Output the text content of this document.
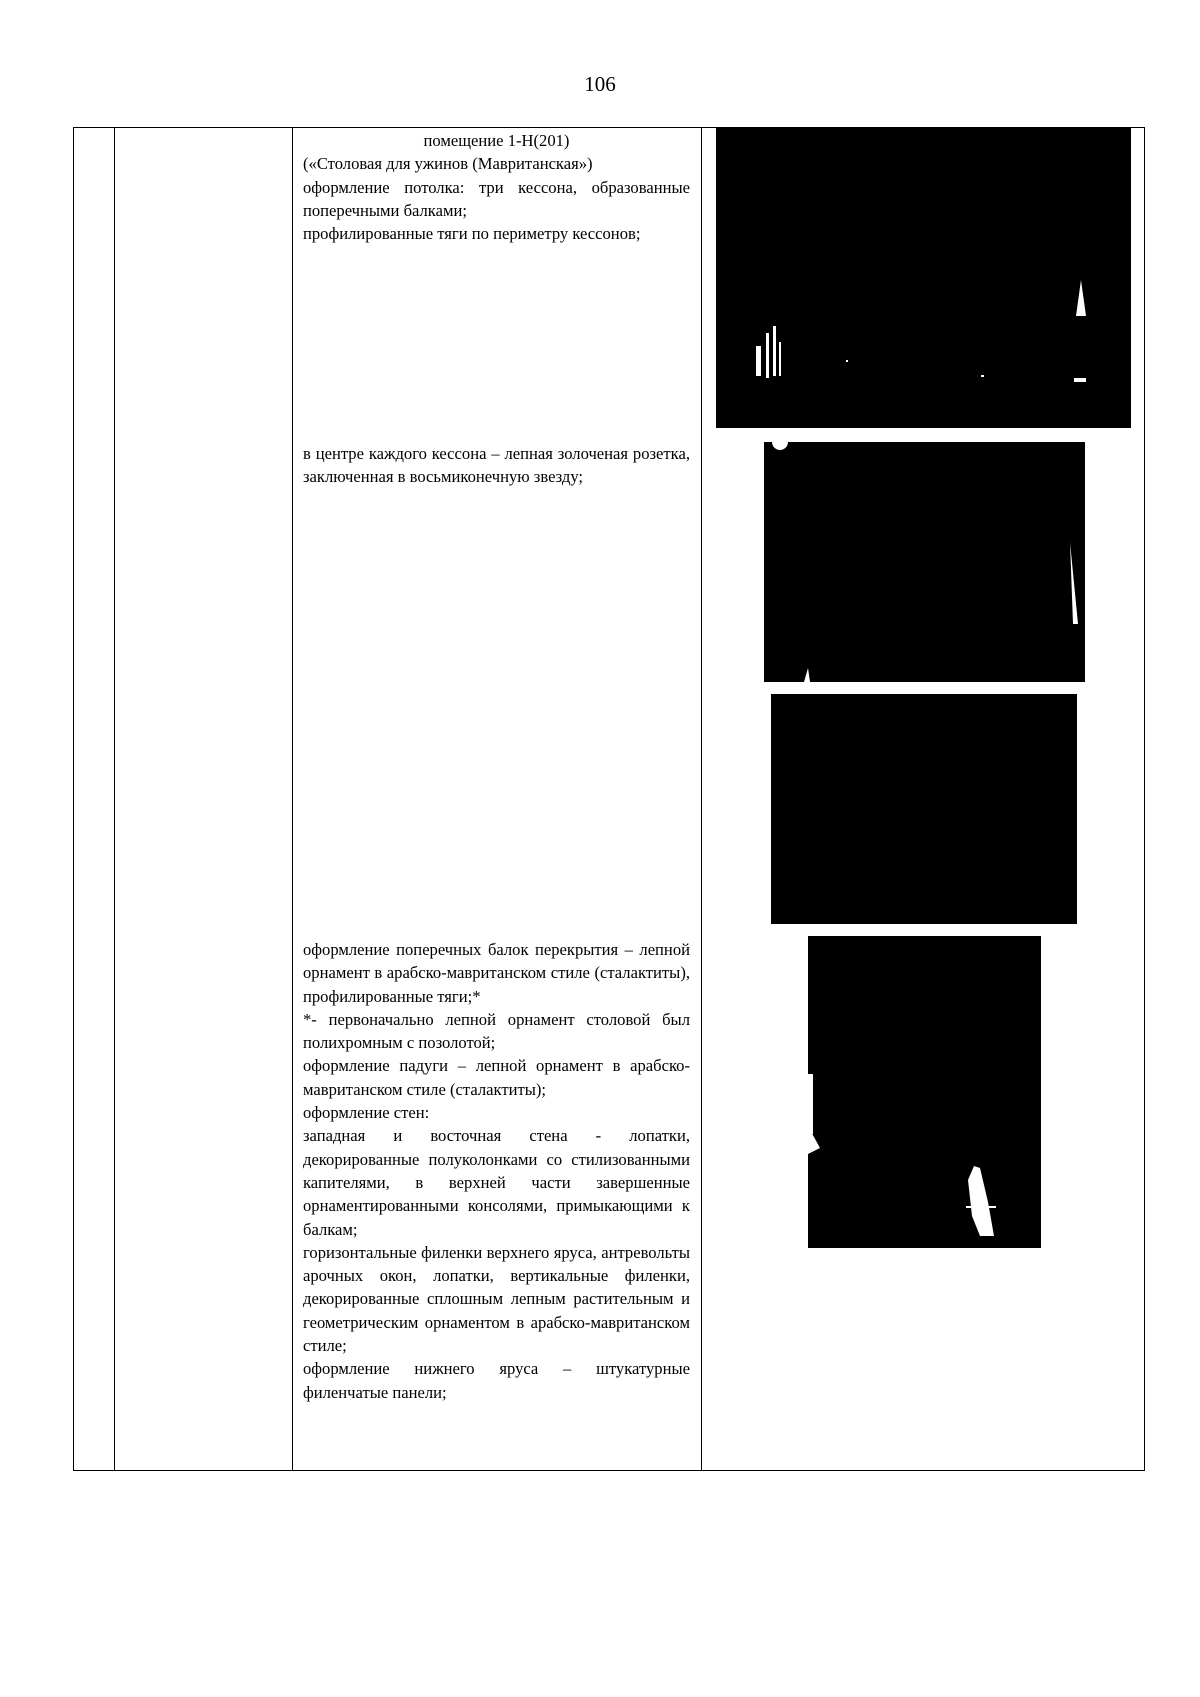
106

помещение 1-Н(201)
(«Столовая для ужинов (Мавританская»)

оформление потолка: три кессона, образованные поперечными балками;

профилированные тяги по периметру кессонов;

в центре каждого кессона – лепная золоченая розетка, заключенная в восьмиконечную звезду;

оформление поперечных балок перекрытия – лепной орнамент в арабско-мавританском стиле (сталактиты), профилированные тяги;*

*- первоначально лепной орнамент столовой был полихромным с позолотой;

оформление падуги – лепной орнамент в арабско-мавританском стиле (сталактиты);

оформление стен:

западная и восточная стена - лопатки, декорированные полуколонками со стилизованными капителями, в верхней части завершенные орнаментированными консолями, примыкающими к балкам;

горизонтальные филенки верхнего яруса, антревольты арочных окон, лопатки, вертикальные филенки, декорированные сплошным лепным растительным и геометрическим орнаментом в арабско-мавританском стиле;

оформление нижнего яруса – штукатурные филенчатые панели;
